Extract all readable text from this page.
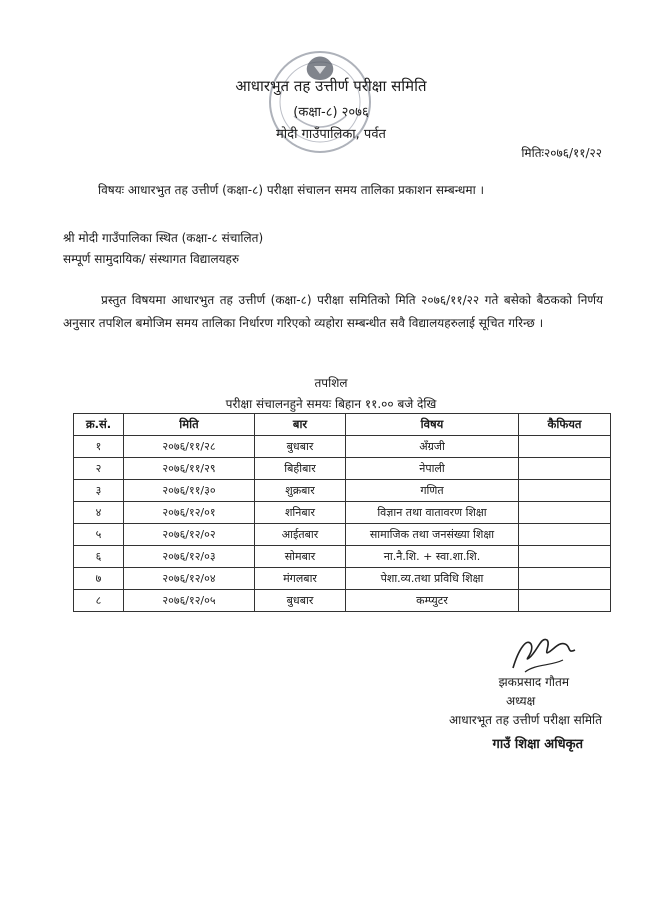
आधारभुत तह उत्तीर्ण परीक्षा समिति
(कक्षा-८) २०७६
मोदी गाउँपालिका, पर्वत
मितिः२०७६/११/२२
विषयः आधारभुत तह उत्तीर्ण (कक्षा-८) परीक्षा संचालन समय तालिका प्रकाशन सम्बन्धमा ।
श्री मोदी गाउँपालिका स्थित (कक्षा-८ संचालित)
सम्पूर्ण सामुदायिक/ संस्थागत विद्यालयहरु
प्रस्तुत विषयमा आधारभुत तह उत्तीर्ण (कक्षा-८) परीक्षा समितिको मिति २०७६/११/२२ गते बसेको बैठकको निर्णय अनुसार तपशिल बमोजिम समय तालिका निर्धारण गरिएको व्यहोरा सम्बन्धीत सवै विद्यालयहरुलाई सूचित गरिन्छ ।
तपशिल
परीक्षा संचालनहुने समयः बिहान ११.०० बजे देखि
क्र.सं.	मिति	बार	विषय	कैफियत
१	२०७६/११/२८	बुधबार	अँग्रजी	
२	२०७६/११/२९	बिहीबार	नेपाली	
३	२०७६/११/३०	शुक्रबार	गणित	
४	२०७६/१२/०१	शनिबार	विज्ञान तथा वातावरण शिक्षा	
५	२०७६/१२/०२	आईतबार	सामाजिक तथा जनसंख्या शिक्षा	
६	२०७६/१२/०३	सोमबार	ना.नै.शि. + स्वा.शा.शि.	
७	२०७६/१२/०४	मंगलबार	पेशा.व्य.तथा प्रविधि शिक्षा	
८	२०७६/१२/०५	बुधबार	कम्प्युटर	
झकप्रसाद गौतम
अध्यक्ष
आधारभूत तह उत्तीर्ण परीक्षा समिति
गाउँ शिक्षा अधिकृत
